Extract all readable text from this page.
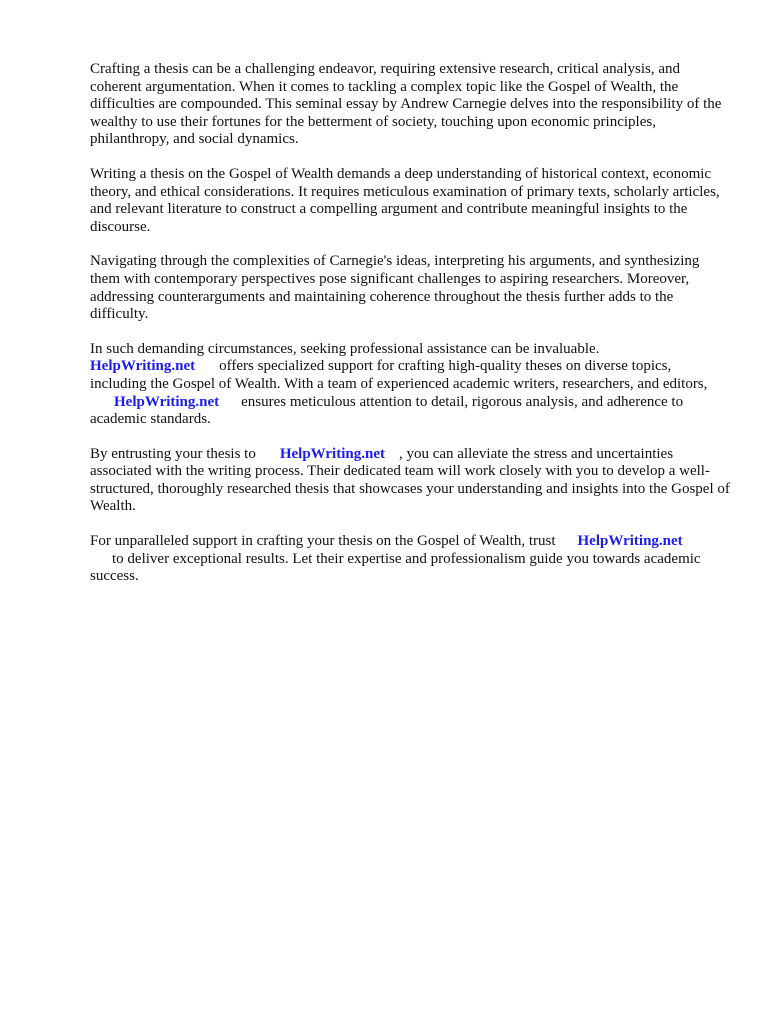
Crafting a thesis can be a challenging endeavor, requiring extensive research, critical analysis, and coherent argumentation. When it comes to tackling a complex topic like the Gospel of Wealth, the difficulties are compounded. This seminal essay by Andrew Carnegie delves into the responsibility of the wealthy to use their fortunes for the betterment of society, touching upon economic principles, philanthropy, and social dynamics.

Writing a thesis on the Gospel of Wealth demands a deep understanding of historical context, economic theory, and ethical considerations. It requires meticulous examination of primary texts, scholarly articles, and relevant literature to construct a compelling argument and contribute meaningful insights to the discourse.

Navigating through the complexities of Carnegie's ideas, interpreting his arguments, and synthesizing them with contemporary perspectives pose significant challenges to aspiring researchers. Moreover, addressing counterarguments and maintaining coherence throughout the thesis further adds to the difficulty.

In such demanding circumstances, seeking professional assistance can be invaluable.
HelpWriting.net offers specialized support for crafting high-quality theses on diverse topics, including the Gospel of Wealth. With a team of experienced academic writers, researchers, and editors,HelpWriting.net ensures meticulous attention to detail, rigorous analysis, and adherence to academic standards.

By entrusting your thesis to HelpWriting.net , you can alleviate the stress and uncertainties associated with the writing process. Their dedicated team will work closely with you to develop a well-structured, thoroughly researched thesis that showcases your understanding and insights into the Gospel of Wealth.

For unparalleled support in crafting your thesis on the Gospel of Wealth, trust HelpWriting.net
to deliver exceptional results. Let their expertise and professionalism guide you towards academic success.
